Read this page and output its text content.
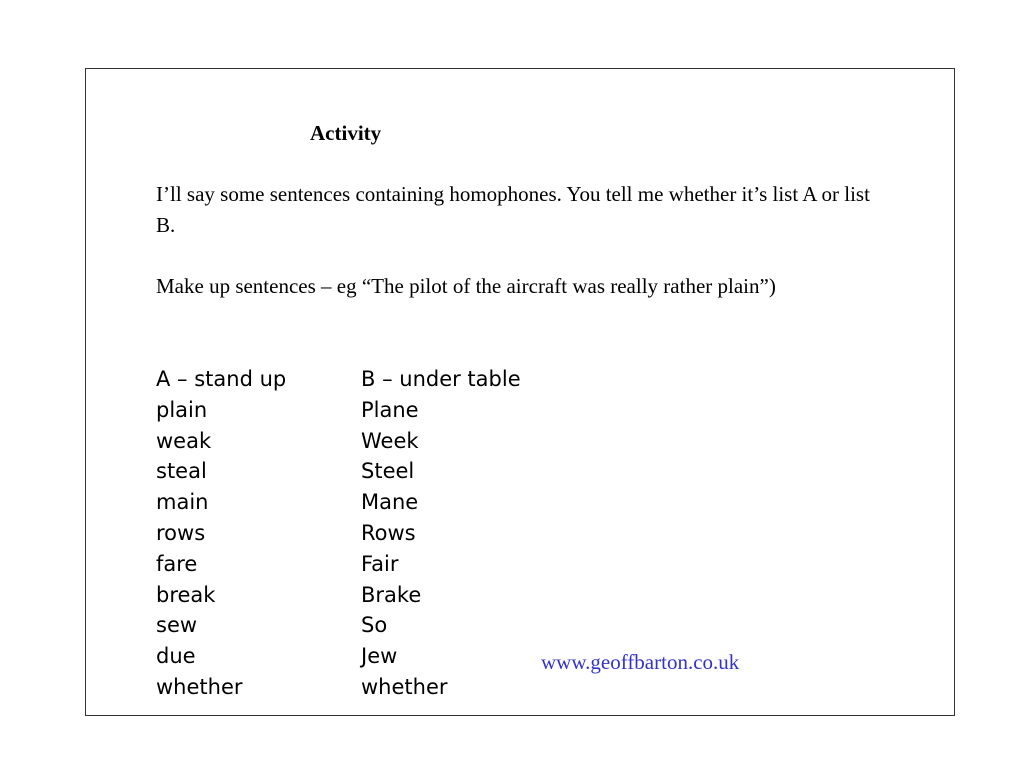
Activity
I’ll say some sentences containing homophones. You tell me whether it’s list A or list B.
Make up sentences – eg “The pilot of the aircraft was really rather plain”)
A – stand up	B – under table
plain	Plane
weak	Week
steal	Steel
main	Mane
rows	Rows
fare	Fair
break	Brake
sew	So
due	Jew
whether	whether
www.geoffbarton.co.uk
